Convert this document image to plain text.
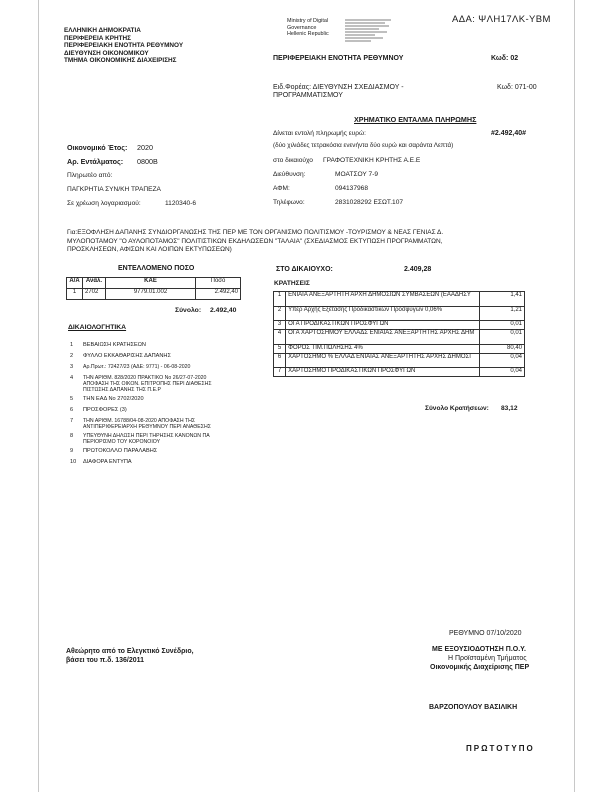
ΑΔΑ: ΨΛΗ17ΛΚ-ΥΒΜ
ΕΛΛΗΝΙΚΗ ΔΗΜΟΚΡΑΤΙΑ
ΠΕΡΙΦΕΡΕΙΑ ΚΡΗΤΗΣ
ΠΕΡΙΦΕΡΕΙΑΚΗ ΕΝΟΤΗΤΑ ΡΕΘΥΜΝΟΥ
ΔΙΕΥΘΥΝΣΗ ΟΙΚΟΝΟΜΙΚΟΥ
ΤΜΗΜΑ ΟΙΚΟΝΟΜΙΚΗΣ ΔΙΑΧΕΙΡΙΣΗΣ
Ministry of Digital
Governance
Hellenic Republic
ΠΕΡΙΦΕΡΕΙΑΚΗ ΕΝΟΤΗΤΑ ΡΕΘΥΜΝΟΥ	Κωδ: 02
Ειδ.Φορέας: ΔΙΕΥΘΥΝΣΗ ΣΧΕΔΙΑΣΜΟΥ -
ΠΡΟΓΡΑΜΜΑΤΙΣΜΟΥ
Κωδ: 071-00
ΧΡΗΜΑΤΙΚΟ ΕΝΤΑΛΜΑ ΠΛΗΡΩΜΗΣ
Δίνεται εντολή πληρωμής ευρώ:	#2.492,40#
(δύο χιλιάδες τετρακόσια ενενήντα δύο ευρώ και σαράντα Λεπτά)
στο δικαιούχο ΓΡΑΦΟΤΕΧΝΙΚΗ ΚΡΗΤΗΣ Α.Ε.Ε
Διεύθυνση:	ΜΟΑΤΣΟΥ 7-9
ΑΦΜ:	094137968
Τηλέφωνο:	2831028292 ΕΣΩΤ.107
Οικονομικό Έτος: 2020
Αρ. Εντάλματος: 0800Β
Πληρωτέο από:
ΠΑΓΚΡΗΤΙΑ ΣΥΝ/ΚΗ ΤΡΑΠΕΖΑ
Σε χρέωση λογαριασμού:	1120340-6
Για:ΕΞΟΦΛΗΣΗ ΔΑΠΑΝΗΣ ΣΥΝΔΙΟΡΓΑΝΩΣΗΣ ΤΗΣ ΠΕΡ ΜΕ ΤΟΝ ΟΡΓΑΝΙΣΜΟ ΠΟΛΙΤΙΣΜΟΥ -ΤΟΥΡΙΣΜΟΥ & ΝΕΑΣ ΓΕΝΙΑΣ Δ.
ΜΥΛΟΠΟΤΑΜΟΥ "Ο ΑΥΛΟΠΟΤΑΜΟΣ" ΠΟΛΙΤΙΣΤΙΚΩΝ ΕΚΔΗΛΩΣΕΩΝ "ΤΑΛΑΙΑ" (ΣΧΕΔΙΑΣΜΟΣ ΕΚΤΥΠΩΣΗ ΠΡΟΓΡΑΜΜΑΤΩΝ,
ΠΡΟΣΚΛΗΣΕΩΝ, ΑΦΙΣΩΝ ΚΑΙ ΛΟΙΠΩΝ ΕΚΤΥΠΩΣΕΩΝ)
ΕΝΤΕΛΛΟΜΕΝΟ ΠΟΣΟ
Α/Α	Ανάλ.	ΚΑΕ	Ποσό
1	2702	9779.01.002	2.492,40
Σύνολο: 2.492,40
ΣΤΟ ΔΙΚΑΙΟΥΧΟ:	2.409,28
ΚΡΑΤΗΣΕΙΣ
1	ΕΝΙΑΙΑ ΑΝΕΞΑΡΤΗΤΗ ΑΡΧΗ ΔΗΜΟΣΙΩΝ ΣΥΜΒΑΣΕΩΝ (ΕΑΑΔΗΣΥ	1,41
2	Υπέρ Αρχής Εξέτασης Προδικαστικών Προσφυγών 0,06%	1,21
3	ΟΓΑ ΠΡΟΔΙΚΑΣΤΙΚΩΝ ΠΡΟΣΦΥΓΩΝ	0,01
4	ΟΓΑ ΧΑΡΤΟΣΗΜΟΥ ΕΛΛΑΔΣ ΕΝΙΑΙΑΣ ΑΝΕΞΑΡΤΗΤΗΣ ΑΡΧΗΣ ΔΗΜ	0,01
5	ΦΟΡΟΣ ΤΙΜ.ΠΩΛΗΣΗΣ 4%	80,40
6	ΧΑΡΤΟΣΗΜΟ % ΕΛΛΑΔ ΕΝΙΑΙΑΣ ΑΝΕΞΑΡΤΗΤΗΣ ΑΡΧΗΣ ΔΗΜΟΣΙ	0,04
7	ΧΑΡΤΟΣΗΜΟ ΠΡΟΔΙΚΑΣΤΙΚΩΝ ΠΡΟΣΦΥΓΩΝ	0,04
Σύνολο Κρατήσεων: 83,12
ΔΙΚΑΙΟΛΟΓΗΤΙΚΑ
1 ΒΕΒΑΙΩΣΗ ΚΡΑΤΗΣΕΩΝ
2 ΦΥΛΛΟ ΕΚΚΑΘΑΡΙΣΗΣ ΔΑΠΑΝΗΣ
3 Αρ.Πρωτ.: 72427/23 (ΑΔΕ: 9771) - 06-08-2020
4 ΤΗΝ ΑΡΙΘΜ. 828/2020 ΠΡΑΚΤΙΚΟ Νο 26/27-07-2020 ΑΠΟΦΑΣΗ ΤΗΣ ΟΙΚΟΝ. ΕΠΙΤΡΟΠΗΣ ΠΕΡΙ ΔΙΑΘΕΣΗΣ ΠΙΣΤΩΣΗΣ ΔΑΠΑΝΗΣ ΤΗΣ Π.Ε.Ρ
5 ΤΗΝ ΕΑΔ Νο 2702/2020
6 ΠΡΟΣΦΟΡΕΣ (3)
7 ΤΗΝ ΑΡΙΘΜ. 16788/04-08-2020 ΑΠΟΦΑΣΗ ΤΗΣ ΑΝΤΙΠΕΡΙΦΕΡΕΙΑΡΧΗ ΡΕΘΥΜΝΟΥ ΠΕΡΙ ΑΝΑΘΕΣΗΣ
8 ΥΠΕΥΘΥΝΗ ΔΗΛΩΣΗ ΠΕΡΙ ΤΗΡΗΣΗΣ ΚΑΝΟΝΩΝ ΠΑ ΠΕΡΙΟΡΙΣΜΟ ΤΟΥ ΚΟΡΟΝΟΙΟΥ
9 ΠΡΩΤΟΚΟΛΛΟ ΠΑΡΑΛΑΒΗΣ
10 ΔΙΑΦΟΡΑ ΕΝΤΥΠΑ
Αθεώρητο από το Ελεγκτικό Συνέδριο,
βάσει του π.δ. 136/2011
ΡΕΘΥΜΝΟ 07/10/2020
ΜΕ ΕΞΟΥΣΙΟΔΟΤΗΣΗ Π.Ο.Υ.
Η Προϊσταμένη Τμήματος
Οικονομικής Διαχείρισης ΠΕΡ
ΒΑΡΖΟΠΟΥΛΟΥ ΒΑΣΙΛΙΚΗ
ΠΡΩΤΟΤΥΠΟ
